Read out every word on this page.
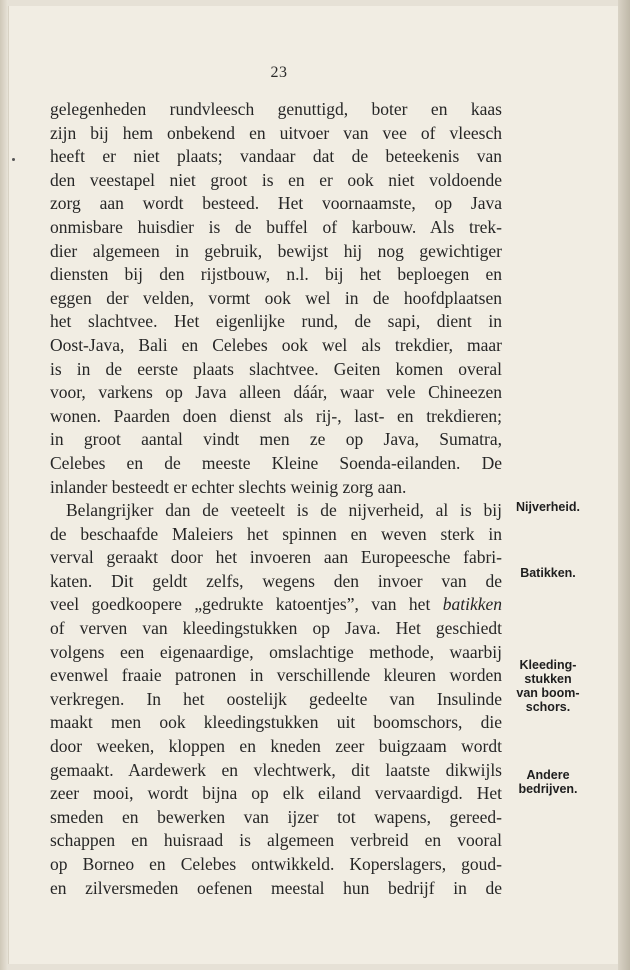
23
gelegenheden rundvleesch genuttigd, boter en kaas
zijn bij hem onbekend en uitvoer van vee of vleesch
heeft er niet plaats; vandaar dat de beteekenis van
den veestapel niet groot is en er ook niet voldoende
zorg aan wordt besteed. Het voornaamste, op Java
onmisbare huisdier is de buffel of karbouw. Als trek-
dier algemeen in gebruik, bewijst hij nog gewichtiger
diensten bij den rijstbouw, n.l. bij het beploegen en
eggen der velden, vormt ook wel in de hoofdplaatsen
het slachtvee. Het eigenlijke rund, de sapi, dient in
Oost-Java, Bali en Celebes ook wel als trekdier, maar
is in de eerste plaats slachtvee. Geiten komen overal
voor, varkens op Java alleen dáár, waar vele Chineezen
wonen. Paarden doen dienst als rij-, last- en trekdieren;
in groot aantal vindt men ze op Java, Sumatra,
Celebes en de meeste Kleine Soenda-eilanden. De
inlander besteedt er echter slechts weinig zorg aan.
Belangrijker dan de veeteelt is de nijverheid, al is bij
de beschaafde Maleiers het spinnen en weven sterk in
verval geraakt door het invoeren aan Europeesche fabri-
katen. Dit geldt zelfs, wegens den invoer van de
veel goedkoopere „gedrukte katoentjes”, van het batikken
of verven van kleedingstukken op Java. Het geschiedt
volgens een eigenaardige, omslachtige methode, waarbij
evenwel fraaie patronen in verschillende kleuren worden
verkregen. In het oostelijk gedeelte van Insulinde
maakt men ook kleedingstukken uit boomschors, die
door weeken, kloppen en kneden zeer buigzaam wordt
gemaakt. Aardewerk en vlechtwerk, dit laatste dikwijls
zeer mooi, wordt bijna op elk eiland vervaardigd. Het
smeden en bewerken van ijzer tot wapens, gereed-
schappen en huisraad is algemeen verbreid en vooral
op Borneo en Celebes ontwikkeld. Koperslagers, goud-
en zilversmeden oefenen meestal hun bedrijf in de
Nijverheid.
Batikken.
Kleeding-
stukken
van boom-
schors.
Andere
bedrijven.
